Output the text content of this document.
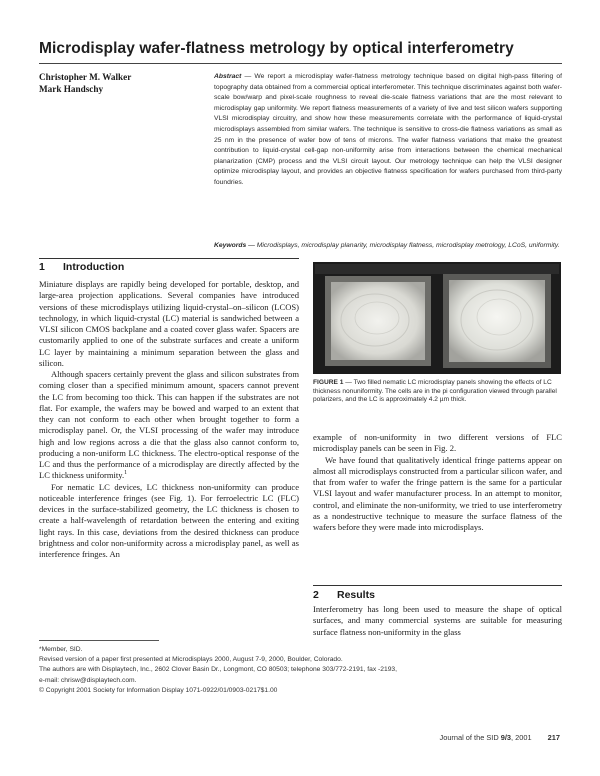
Microdisplay wafer-flatness metrology by optical interferometry
Christopher M. Walker
Mark Handschy
Abstract — We report a microdisplay wafer-flatness metrology technique based on digital high-pass filtering of topography data obtained from a commercial optical interferometer. This technique discriminates against both wafer-scale bow/warp and pixel-scale roughness to reveal die-scale flatness variations that are the most relevant to microdisplay gap uniformity. We report flatness measurements of a variety of live and test silicon wafers supporting VLSI microdisplay circuitry, and show how these measurements correlate with the performance of liquid-crystal microdisplays assembled from similar wafers. The technique is sensitive to cross-die flatness variations as small as 25 nm in the presence of wafer bow of tens of microns. The wafer flatness variations that make the greatest contribution to liquid-crystal cell-gap non-uniformity arise from interactions between the chemical mechanical planarization (CMP) process and the VLSI circuit layout. Our metrology technique can help the VLSI designer optimize microdisplay layout, and provides an objective flatness specification for wafers purchased from third-party foundries.
Keywords — Microdisplays, microdisplay planarity, microdisplay flatness, microdisplay metrology, LCoS, uniformity.
1 Introduction

Miniature displays are rapidly being developed for portable, desktop, and large-area projection applications. Several companies have introduced versions of these microdisplays utilizing liquid-crystal–on–silicon (LCOS) technology, in which liquid-crystal (LC) material is sandwiched between a VLSI silicon CMOS backplane and a coated cover glass wafer. Spacers are customarily applied to one of the substrate surfaces and create a uniform LC layer by maintaining a minimum separation between the glass and silicon.

Although spacers certainly prevent the glass and silicon substrates from coming closer than a specified minimum amount, spacers cannot prevent the LC from becoming too thick. This can happen if the substrates are not flat. For example, the wafers may be bowed and warped to an extent that they can not conform to each other when brought together to form a microdisplay panel. Or, the VLSI processing of the wafer may introduce high and low regions across a die that the glass also cannot conform to, producing a non-uniform LC thickness. The electro-optical response of the LC and thus the performance of a microdisplay are directly affected by the LC thickness uniformity.$^1$

For nematic LC devices, LC thickness non-uniformity can produce noticeable interference fringes (see Fig. 1). For ferroelectric LC (FLC) devices in the surface-stabilized geometry, the LC thickness is chosen to create a half-wavelength of retardation between the entering and exiting light rays. In this case, deviations from the desired thickness can produce brightness and color non-uniformity across a microdisplay panel, as well as interference fringes. An

FIGURE 1 — Two filled nematic LC microdisplay panels showing the effects of LC thickness nonuniformity. The cells are in the pi configuration viewed through parallel polarizers, and the LC is approximately 4.2 µm thick.

example of non-uniformity in two different versions of FLC microdisplay panels can be seen in Fig. 2.

We have found that qualitatively identical fringe patterns appear on almost all microdisplays constructed from a particular silicon wafer, and that from wafer to wafer the fringe pattern is the same for a particular VLSI layout and wafer manufacturer process. In an attempt to monitor, control, and eliminate the non-uniformity, we tried to use interferometry as a nondestructive technique to measure the surface flatness of the wafers before they were made into microdisplays.

2 Results

Interferometry has long been used to measure the shape of optical surfaces, and many commercial systems are suitable for measuring surface flatness non-uniformity in the glass

*Member, SID.
Revised version of a paper first presented at Microdisplays 2000, August 7-9, 2000, Boulder, Colorado.
The authors are with Displaytech, Inc., 2602 Clover Basin Dr., Longmont, CO 80503; telephone 303/772-2191, fax -2193,
e-mail: chrisw@displaytech.com.
© Copyright 2001 Society for Information Display 1071-0922/01/0903-0217$1.00
Journal of the SID 9/3, 2001 217
